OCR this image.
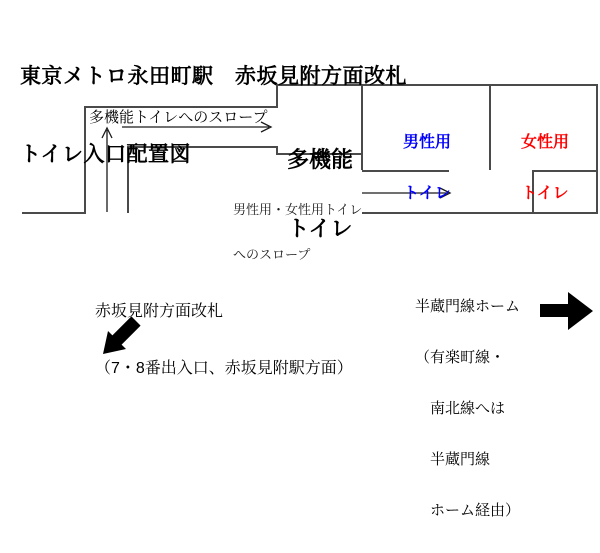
東京メトロ永田町駅　赤坂見附方面改札

トイレ入口配置図

多機能トイレへのスロープ

多機能

トイレ

男性用

トイレ

女性用

トイレ

男性用・女性用トイレ

へのスロープ

赤坂見附方面改札

（7・8番出入口、赤坂見附駅方面）

半蔵門線ホーム

（有楽町線・

　南北線へは

　半蔵門線

　ホーム経由）
